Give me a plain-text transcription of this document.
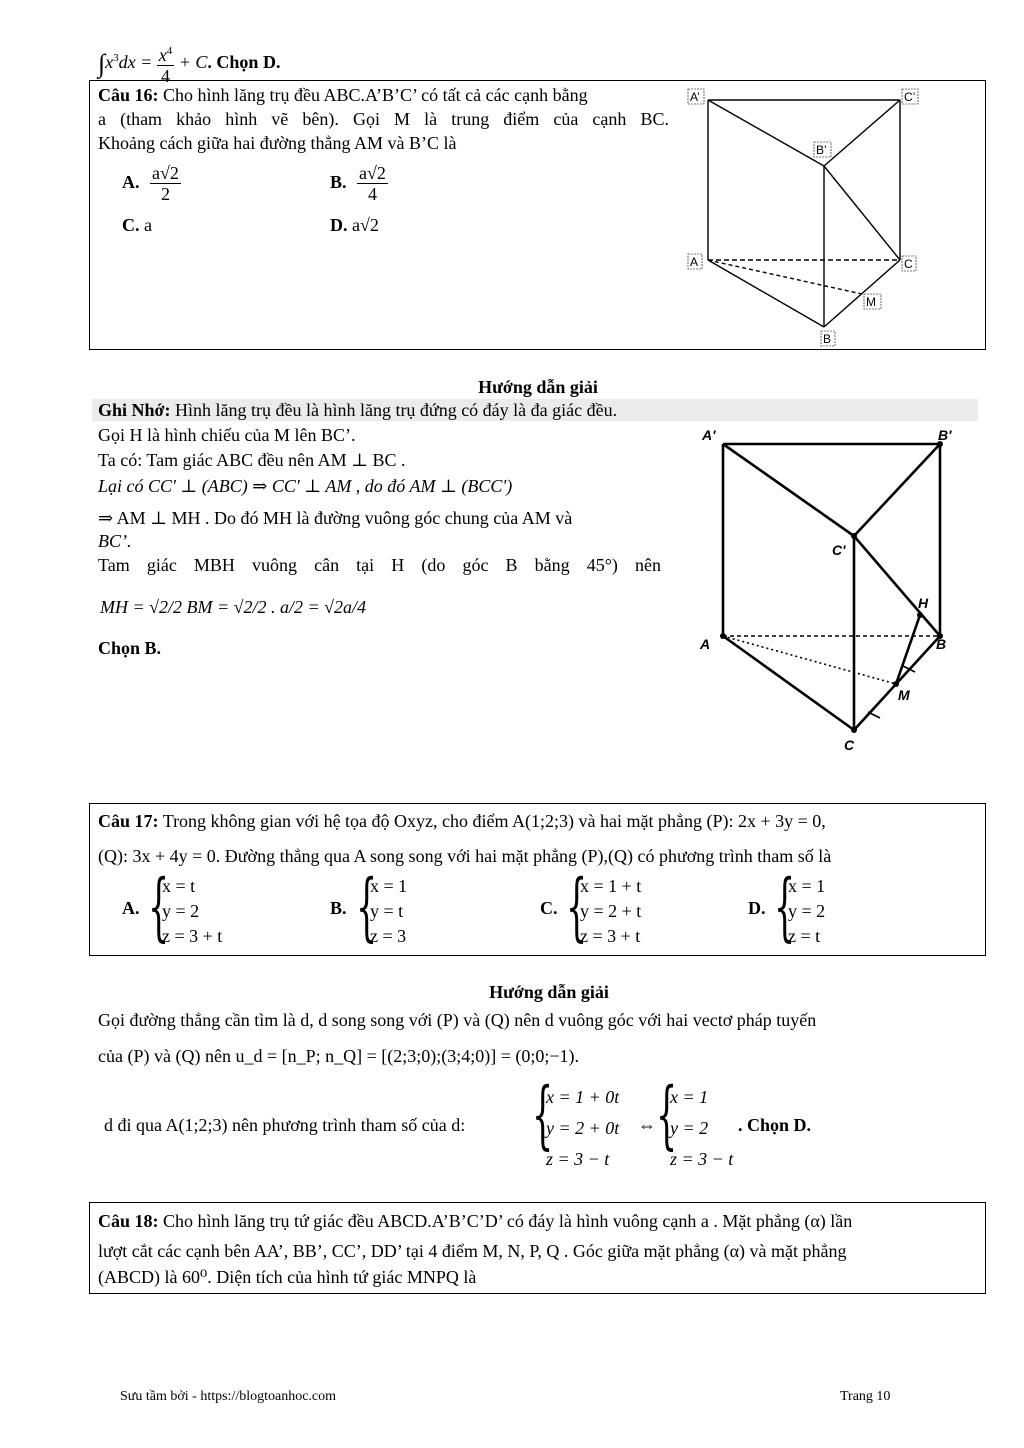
$\int x^3dx = \frac{x^4}{4} + C$. Chọn D.
Câu 16: Cho hình lăng trụ đều ABC.A’B’C’ có tất cả các cạnh bằng
a (tham khảo hình vẽ bên). Gọi M là trung điểm của cạnh BC.
Khoảng cách giữa hai đường thẳng AM và B’C là
A. $\frac{a√2}{2}$	B. $\frac{a√2}{4}$
C. a	D. a√2
A’	C’
B’
A	C
M
B
Hướng dẫn giải
Ghi Nhớ: Hình lăng trụ đều là hình lăng trụ đứng có đáy là đa giác đều.
Gọi H là hình chiếu của M lên BC’.
Ta có: Tam giác ABC đều nên AM ⊥ BC .
Lại có CC' ⊥ (ABC) ⇒ CC' ⊥ AM , do đó AM ⊥ (BCC')
⇒ AM ⊥ MH . Do đó MH là đường vuông góc chung của AM và
BC’.
Tam giác MBH vuông cân tại H (do góc B bằng 45°) nên
MH = √2/2 BM = √2/2 . a/2 = √2a/4
Chọn B.
A'	B'
C'
H
A	B
M
C
Câu 17: Trong không gian với hệ tọa độ Oxyz, cho điểm A(1;2;3) và hai mặt phẳng (P): 2x + 3y = 0,
(Q): 3x + 4y = 0. Đường thẳng qua A song song với hai mặt phẳng (P),(Q) có phương trình tham số là
A. {
x = t
y = 2
z = 3 + t
B. {
x = 1
y = t
z = 3
C. {
x = 1 + t
y = 2 + t
z = 3 + t
D. {
x = 1
y = 2
z = t
Hướng dẫn giải
Gọi đường thẳng cần tìm là d, d song song với (P) và (Q) nên d vuông góc với hai vectơ pháp tuyến
của (P) và (Q) nên u_d = [n_P; n_Q] = [(2;3;0);(3;4;0)] = (0;0;−1).
d đi qua A(1;2;3) nên phương trình tham số của d: {
x = 1 + 0t
y = 2 + 0t
z = 3 − t
⇔ {
x = 1
y = 2
z = 3 − t
. Chọn D.
Câu 18: Cho hình lăng trụ tứ giác đều ABCD.A’B’C’D’ có đáy là hình vuông cạnh a . Mặt phẳng (α) lần
lượt cắt các cạnh bên AA’, BB’, CC’, DD’ tại 4 điểm M, N, P, Q . Góc giữa mặt phẳng (α) và mặt phẳng
(ABCD) là 60⁰. Diện tích của hình tứ giác MNPQ là
Sưu tầm bởi - https://blogtoanhoc.com	Trang 10
